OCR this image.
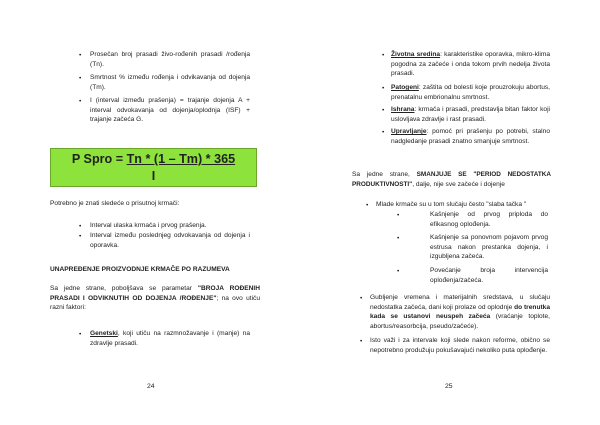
• Prosečan broj prasadi živo-rođenih prasadi /rođenja (Tn).

• Smrtnost % između rođenja i odvikavanja od dojenja (Tm).

• I (interval između prašenja) = trajanje dojenja A + interval odvokavanja od dojenja/oplodnja (ISF) + trajanje začeća G.

P Spro = Tn * (1 – Tm) * 365
I

Potrebno je znati sledeće o prisutnoj krmači:

• Interval ulaska krmača i prvog prašenja.

• Interval između poslednjeg odvokavanja od dojenja i oporavka.

UNAPREĐENJE PROIZVODNJE KRMAČE PO RAZUMEVA

Sa jedne strane, poboljšava se parametar "BROJA ROĐENIH PRASADI I ODVIKNUTIH OD DOJENJA /ROĐENJE"; na ovo utiču razni faktori:

• Genetski, koji utiču na razmnožavanje i (manje) na zdravlje prasadi.

24
• Životna sredina: karakteristike oporavka, mikro-klima pogodna za začeće i onda tokom prvih nedelja života prasadi.

• Patogeni: zaštita od bolesti koje prouzrokuju abortus, prenatalnu embrionalnu smrtnost.

• Ishrana: krmača i prasadi, predstavlja bitan faktor koji uslovljava zdravlje i rast prasadi.

• Upravljanje: pomoć pri prašenju po potrebi, stalno nadgledanje prasadi znatno smanjuje smrtnost.

Sa jedne strane, SMANJUJE SE "PERIOD NEDOSTATKA PRODUKTIVNOSTI", dalje, nije sve začeće i dojenje

• Mlade krmače su u tom slučaju često "slaba tačka "

•	Kašnjenje od prvog priploda do efikasnog oplođenja.

•	Kašnjenje sa ponovnom pojavom prvog estrusa nakon prestanka dojenja, i izgubljena začeća.

•	Povećanje broja intervencija oplođenja/začeća.

• Gubljenje vremena i materijalnih sredstava, u slučaju nedostatka začeća, dani koji prolaze od oplodnje do trenutka kada se ustanovi neuspeh začeća (vraćanje toplote, abortus/reasorbcija, pseudo/začeće).

• Isto važi i za intervale koji slede nakon reforme, obično se nepotrebno produžuju pokušavajući nekoliko puta oplođenje.

25
